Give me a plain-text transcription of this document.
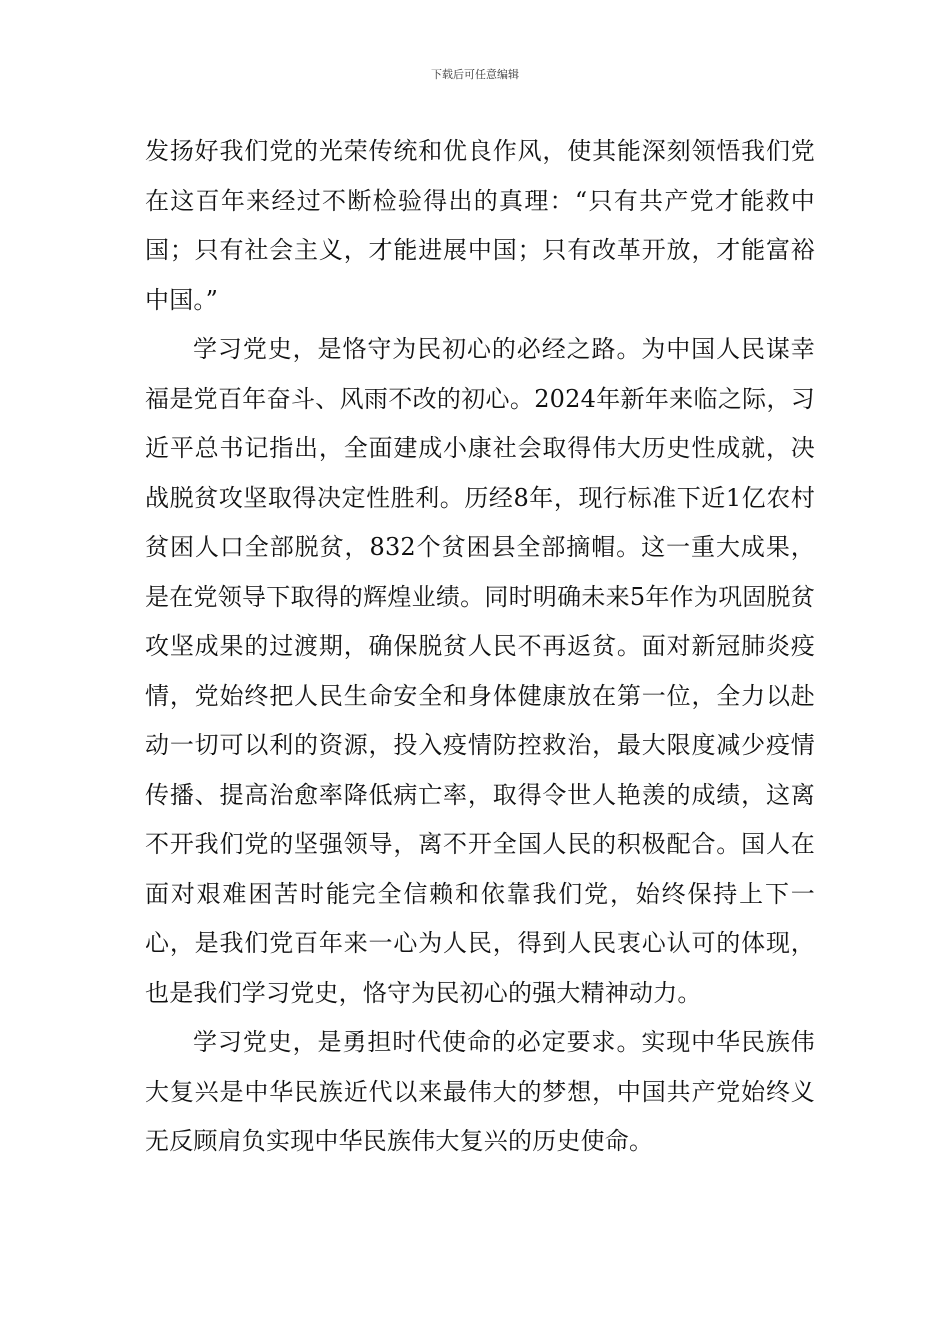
下载后可任意编辑

发扬好我们党的光荣传统和优良作风，使其能深刻领悟我们党在这百年来经过不断检验得出的真理：“只有共产党才能救中国；只有社会主义，才能进展中国；只有改革开放，才能富裕中国。”

学习党史，是恪守为民初心的必经之路。为中国人民谋幸福是党百年奋斗、风雨不改的初心。2024年新年来临之际，习近平总书记指出，全面建成小康社会取得伟大历史性成就，决战脱贫攻坚取得决定性胜利。历经8年，现行标准下近1亿农村贫困人口全部脱贫，832个贫困县全部摘帽。这一重大成果，是在党领导下取得的辉煌业绩。同时明确未来5年作为巩固脱贫攻坚成果的过渡期，确保脱贫人民不再返贫。面对新冠肺炎疫情，党始终把人民生命安全和身体健康放在第一位，全力以赴动一切可以利的资源，投入疫情防控救治，最大限度减少疫情传播、提高治愈率降低病亡率，取得令世人艳羡的成绩，这离不开我们党的坚强领导，离不开全国人民的积极配合。国人在面对艰难困苦时能完全信赖和依靠我们党，始终保持上下一心，是我们党百年来一心为人民，得到人民衷心认可的体现，也是我们学习党史，恪守为民初心的强大精神动力。

学习党史，是勇担时代使命的必定要求。实现中华民族伟大复兴是中华民族近代以来最伟大的梦想，中国共产党始终义无反顾肩负实现中华民族伟大复兴的历史使命。
